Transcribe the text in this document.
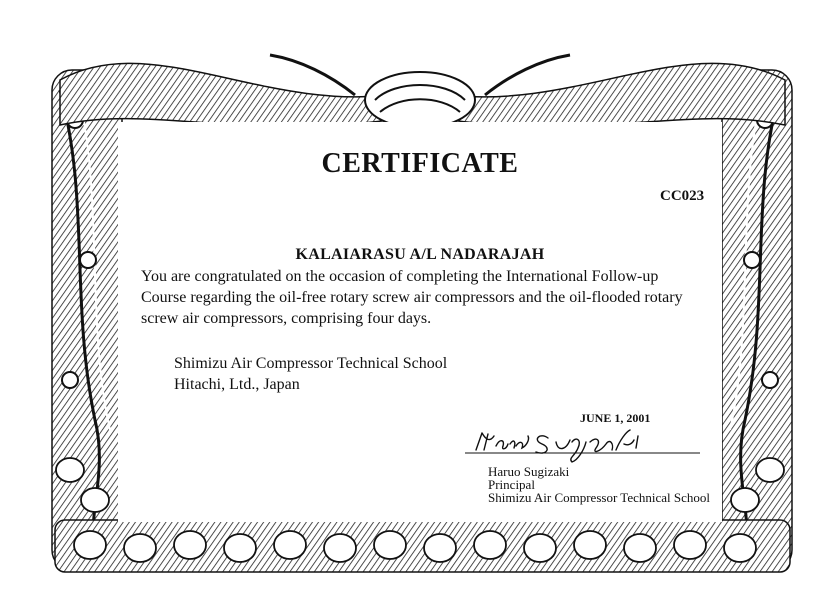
CERTIFICATE
CC023
KALAIARASU A/L NADARAJAH
You are congratulated on the occasion of completing the International Follow-up
Course regarding the oil-free rotary screw air compressors and the oil-flooded rotary
screw air compressors, comprising four days.
Shimizu Air Compressor Technical School
Hitachi, Ltd., Japan
JUNE 1, 2001
Haruo Sugizaki
Principal
Shimizu Air Compressor Technical School
